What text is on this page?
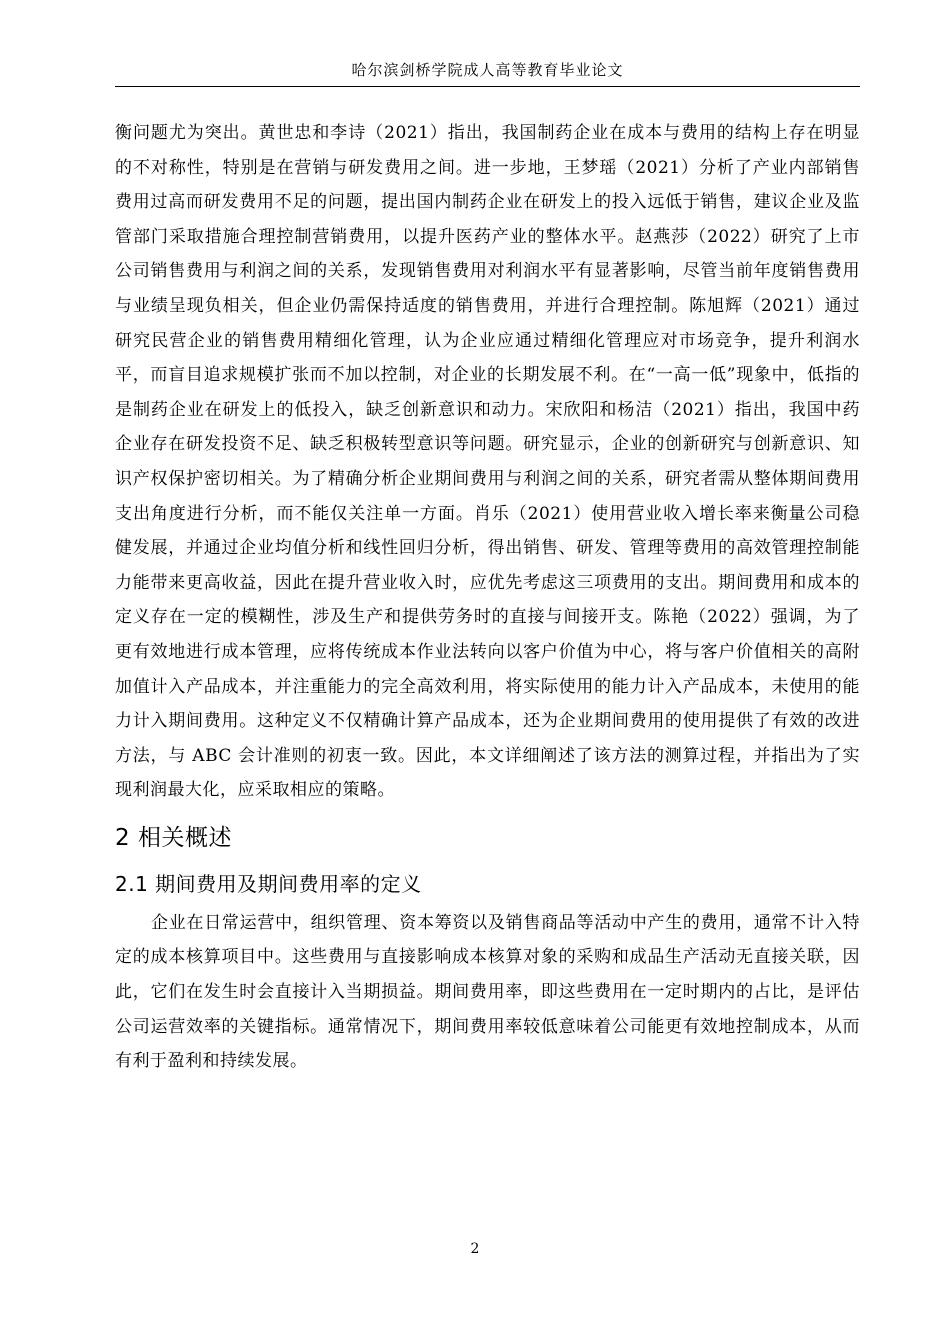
哈尔滨剑桥学院成人高等教育毕业论文

衡问题尤为突出。黄世忠和李诗（2021）指出，我国制药企业在成本与费用的结构上存在明显的不对称性，特别是在营销与研发费用之间。进一步地，王梦瑶（2021）分析了产业内部销售费用过高而研发费用不足的问题，提出国内制药企业在研发上的投入远低于销售，建议企业及监管部门采取措施合理控制营销费用，以提升医药产业的整体水平。赵燕莎（2022）研究了上市公司销售费用与利润之间的关系，发现销售费用对利润水平有显著影响，尽管当前年度销售费用与业绩呈现负相关，但企业仍需保持适度的销售费用，并进行合理控制。陈旭辉（2021）通过研究民营企业的销售费用精细化管理，认为企业应通过精细化管理应对市场竞争，提升利润水平，而盲目追求规模扩张而不加以控制，对企业的长期发展不利。在“一高一低”现象中，低指的是制药企业在研发上的低投入，缺乏创新意识和动力。宋欣阳和杨洁（2021）指出，我国中药企业存在研发投资不足、缺乏积极转型意识等问题。研究显示，企业的创新研究与创新意识、知识产权保护密切相关。为了精确分析企业期间费用与利润之间的关系，研究者需从整体期间费用支出角度进行分析，而不能仅关注单一方面。肖乐（2021）使用营业收入增长率来衡量公司稳健发展，并通过企业均值分析和线性回归分析，得出销售、研发、管理等费用的高效管理控制能力能带来更高收益，因此在提升营业收入时，应优先考虑这三项费用的支出。期间费用和成本的定义存在一定的模糊性，涉及生产和提供劳务时的直接与间接开支。陈艳（2022）强调，为了更有效地进行成本管理，应将传统成本作业法转向以客户价值为中心，将与客户价值相关的高附加值计入产品成本，并注重能力的完全高效利用，将实际使用的能力计入产品成本，未使用的能力计入期间费用。这种定义不仅精确计算产品成本，还为企业期间费用的使用提供了有效的改进方法，与 ABC 会计准则的初衷一致。因此，本文详细阐述了该方法的测算过程，并指出为了实现利润最大化，应采取相应的策略。

2 相关概述
2.1 期间费用及期间费用率的定义

企业在日常运营中，组织管理、资本筹资以及销售商品等活动中产生的费用，通常不计入特定的成本核算项目中。这些费用与直接影响成本核算对象的采购和成品生产活动无直接关联，因此，它们在发生时会直接计入当期损益。期间费用率，即这些费用在一定时期内的占比，是评估公司运营效率的关键指标。通常情况下，期间费用率较低意味着公司能更有效地控制成本，从而有利于盈利和持续发展。

2
